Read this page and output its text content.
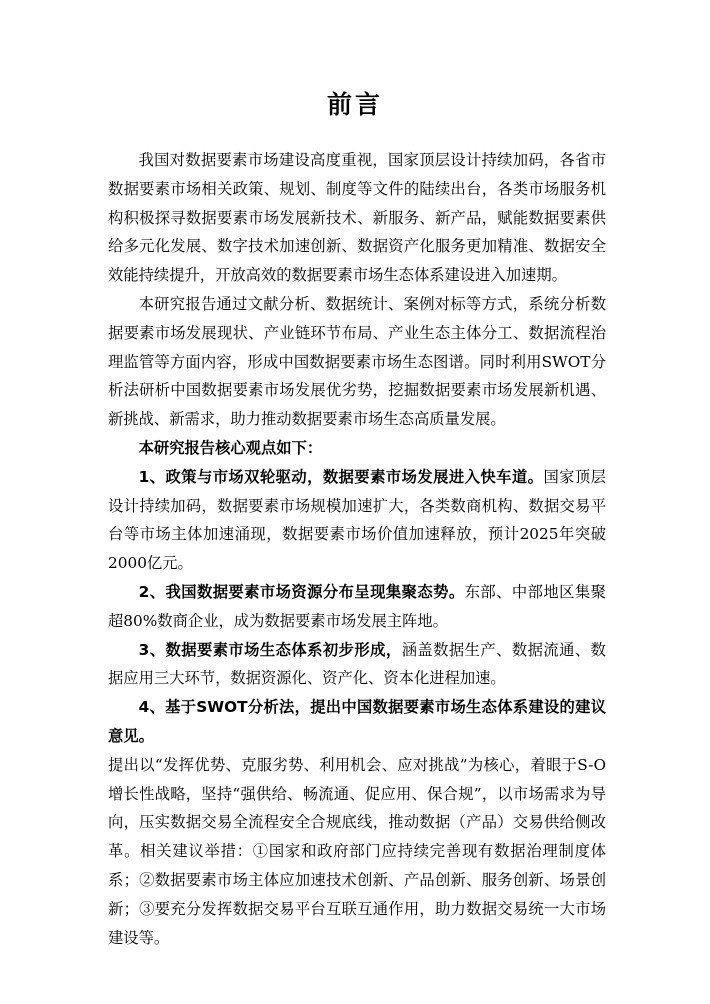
前言

我国对数据要素市场建设高度重视，国家顶层设计持续加码，各省市数据要素市场相关政策、规划、制度等文件的陆续出台，各类市场服务机构积极探寻数据要素市场发展新技术、新服务、新产品，赋能数据要素供给多元化发展、数字技术加速创新、数据资产化服务更加精准、数据安全效能持续提升，开放高效的数据要素市场生态体系建设进入加速期。

本研究报告通过文献分析、数据统计、案例对标等方式，系统分析数据要素市场发展现状、产业链环节布局、产业生态主体分工、数据流程治理监管等方面内容，形成中国数据要素市场生态图谱。同时利用SWOT分析法研析中国数据要素市场发展优劣势，挖掘数据要素市场发展新机遇、新挑战、新需求，助力推动数据要素市场生态高质量发展。

本研究报告核心观点如下：

1、政策与市场双轮驱动，数据要素市场发展进入快车道。国家顶层设计持续加码，数据要素市场规模加速扩大，各类数商机构、数据交易平台等市场主体加速涌现，数据要素市场价值加速释放，预计2025年突破2000亿元。

2、我国数据要素市场资源分布呈现集聚态势。东部、中部地区集聚超80%数商企业，成为数据要素市场发展主阵地。

3、数据要素市场生态体系初步形成，涵盖数据生产、数据流通、数据应用三大环节，数据资源化、资产化、资本化进程加速。

4、基于SWOT分析法，提出中国数据要素市场生态体系建设的建议意见。

提出以“发挥优势、克服劣势、利用机会、应对挑战”为核心，着眼于S-O增长性战略，坚持“强供给、畅流通、促应用、保合规”，以市场需求为导向，压实数据交易全流程安全合规底线，推动数据（产品）交易供给侧改革。相关建议举措：①国家和政府部门应持续完善现有数据治理制度体系；②数据要素市场主体应加速技术创新、产品创新、服务创新、场景创新；③要充分发挥数据交易平台互联互通作用，助力数据交易统一大市场建设等。
